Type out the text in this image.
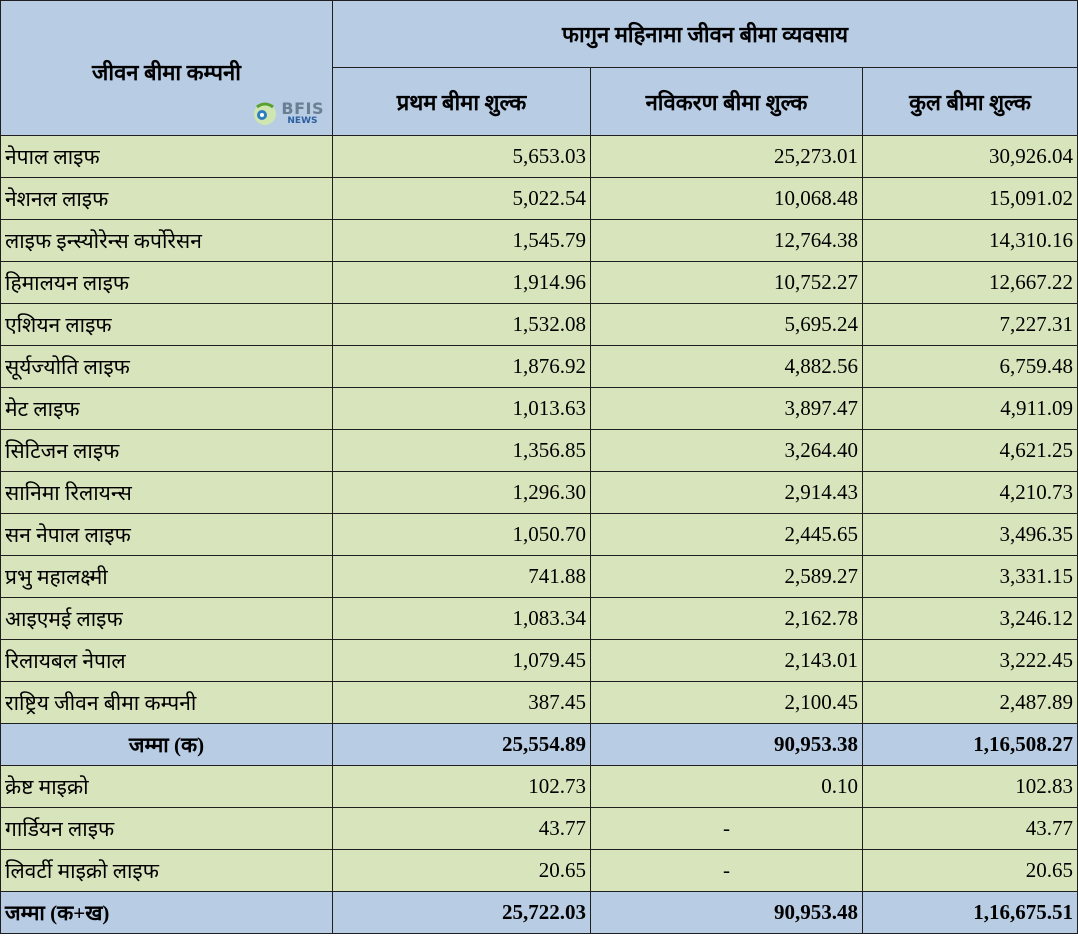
जीवन बीमा कम्पनी
BFIS
NEWS	फागुन महिनामा जीवन बीमा व्यवसाय		
	प्रथम बीमा शुल्क	नविकरण बीमा शुल्क	कुल बीमा शुल्क
नेपाल लाइफ	5,653.03	25,273.01	30,926.04
नेशनल लाइफ	5,022.54	10,068.48	15,091.02
लाइफ इन्स्योरेन्स कर्पोरेसन	1,545.79	12,764.38	14,310.16
हिमालयन लाइफ	1,914.96	10,752.27	12,667.22
एशियन लाइफ	1,532.08	5,695.24	7,227.31
सूर्यज्योति लाइफ	1,876.92	4,882.56	6,759.48
मेट लाइफ	1,013.63	3,897.47	4,911.09
सिटिजन लाइफ	1,356.85	3,264.40	4,621.25
सानिमा रिलायन्स	1,296.30	2,914.43	4,210.73
सन नेपाल लाइफ	1,050.70	2,445.65	3,496.35
प्रभु महालक्ष्मी	741.88	2,589.27	3,331.15
आइएमई लाइफ	1,083.34	2,162.78	3,246.12
रिलायबल नेपाल	1,079.45	2,143.01	3,222.45
राष्ट्रिय जीवन बीमा कम्पनी	387.45	2,100.45	2,487.89
जम्मा (क)	25,554.89	90,953.38	1,16,508.27
क्रेष्ट माइक्रो	102.73	0.10	102.83
गार्डियन लाइफ	43.77	-	43.77
लिवर्टी माइक्रो लाइफ	20.65	-	20.65
जम्मा (क+ख)	25,722.03	90,953.48	1,16,675.51
